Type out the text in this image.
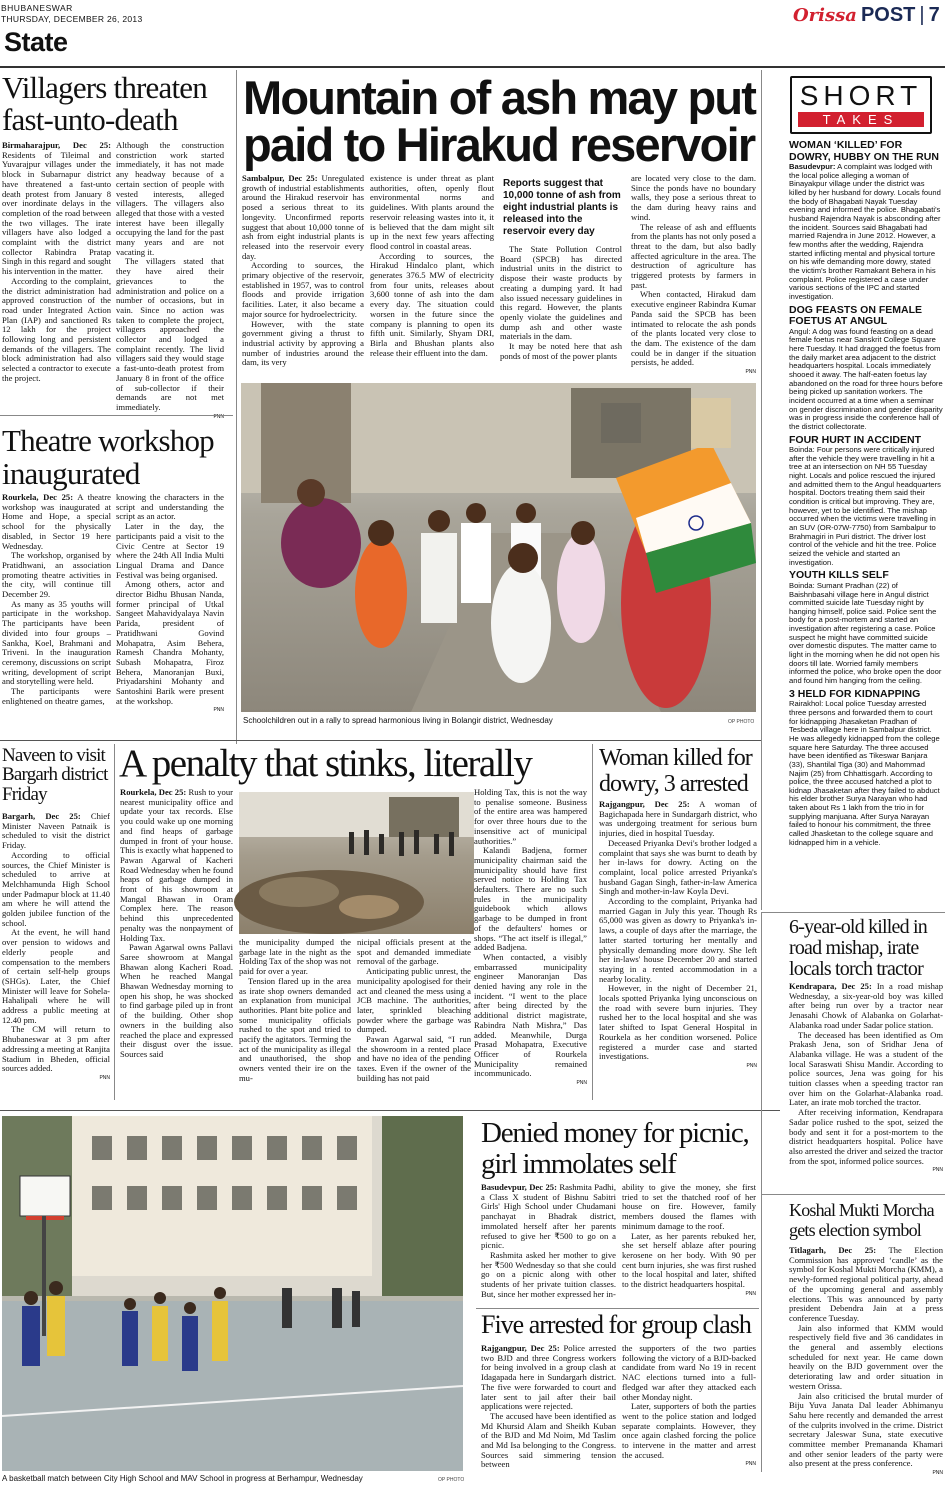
BHUBANESWAR
THURSDAY, DECEMBER 26, 2013
State
Orissa POST | 7
Villagers threaten fast-unto-death

Birmaharajpur, Dec 25: Residents of Tileimal and Yuvarajpur villages under the block in Subarnapur district have threatened a fast-unto death protest from January 8 over inordinate delays in the completion of the road between the two villages. The irate villagers have also lodged a complaint with the district collector Rabindra Pratap Singh in this regard and sought his intervention in the matter.

According to the complaint, the district administration had approved construction of the road under Integrated Action Plan (IAP) and sanctioned Rs 12 lakh for the project following long and persistent demands of the villagers. The block administration had also selected a contractor to execute the project.

Although the construction constriction work started immediately, it has not made any headway because of a certain section of people with vested interests, alleged villagers. The villagers also alleged that those with a vested interest have been illegally occupying the land for the past many years and are not vacating it.

The villagers stated that they have aired their grievances to the administration and police on a number of occasions, but in vain. Since no action was taken to complete the project, villagers approached the collector and lodged a complaint recently. The livid villagers said they would stage a fast-unto-death protest from January 8 in front of the office of sub-collector if their demands are not met immediately.

PNN
Mountain of ash may put
paid to Hirakud reservoir

Sambalpur, Dec 25: Unregulated growth of industrial establishments around the Hirakud reservoir has posed a serious threat to its longevity. Unconfirmed reports suggest that about 10,000 tonne of ash from eight industrial plants is released into the reservoir every day.

According to sources, the primary objective of the reservoir, established in 1957, was to control floods and provide irrigation facilities. Later, it also became a major source for hydroelectricity.

However, with the state government giving a thrust to industrial activity by approving a number of industries around the dam, its very

existence is under threat as plant authorities, often, openly flout environmental norms and guidelines. With plants around the reservoir releasing wastes into it, it is believed that the dam might silt up in the next few years affecting flood control in coastal areas.

According to sources, the Hirakud Hindalco plant, which generates 376.5 MW of electricity from four units, releases about 3,600 tonne of ash into the dam every day. The situation could worsen in the future since the company is planning to open its fifth unit. Similarly, Shyam DRI, Birla and Bhushan plants also release their effluent into the dam.

Reports suggest that 10,000 tonne of ash from eight industrial plants is released into the reservoir every day

The State Pollution Control Board (SPCB) has directed industrial units in the district to dispose their waste products by creating a dumping yard. It had also issued necessary guidelines in this regard. However, the plants openly violate the guidelines and dump ash and other waste materials in the dam.

It may be noted here that ash ponds of most of the power plants

are located very close to the dam. Since the ponds have no boundary walls, they pose a serious threat to the dam during heavy rains and wind.

The release of ash and effluents from the plants has not only posed a threat to the dam, but also badly affected agriculture in the area. The destruction of agriculture has triggered protests by farmers in past.

When contacted, Hirakud dam executive engineer Rabindra Kumar Panda said the SPCB has been intimated to relocate the ash ponds of the plants located very close to the dam. The existence of the dam could be in danger if the situation persists, he added.

PNN
Theatre workshop
inaugurated

Rourkela, Dec 25: A theatre workshop was inaugurated at Home and Hope, a special school for the physically disabled, in Sector 19 here Wednesday.

The workshop, organised by Pratidhwani, an association promoting theatre activities in the city, will continue till December 29.

As many as 35 youths will participate in the workshop. The participants have been divided into four groups – Sankha, Koel, Brahmani and Triveni. In the inauguration ceremony, discussions on script writing, development of script and storytelling were held.

The participants were enlightened on theatre games,

knowing the characters in the script and understanding the script as an actor.

Later in the day, the participants paid a visit to the Civic Centre at Sector 19 where the 24th All India Multi Lingual Drama and Dance Festival was being organised.

Among others, actor and director Bidhu Bhusan Nanda, former principal of Utkal Sangeet Mahavidyalaya Navin Parida, president of Pratidhwani Govind Mohapatra, Asim Behera, Ramesh Chandra Mohanty, Subash Mohapatra, Firoz Behera, Manoranjan Buxi, Priyadarshini Mohanty and Santoshini Barik were present at the workshop.

PNN
Schoolchildren out in a rally to spread harmonious living in Bolangir district, Wednesday	OP PHOTO
SHORT
TAKES
WOMAN ‘KILLED’ FOR DOWRY, HUBBY ON THE RUN

Basudevpur: A complaint was lodged with the local police alleging a woman of Binayakpur village under the district was killed by her husband for dowry. Locals found the body of Bhagabati Nayak Tuesday evening and informed the police. Bhagabati's husband Rajendra Nayak is absconding after the incident. Sources said Bhagabati had married Rajendra in June 2012. However, a few months after the wedding, Rajendra started inflicting mental and physical torture on his wife demanding more dowry, stated the victim's brother Ramakant Behera in his complaint. Police registered a case under various sections of the IPC and started investigation.

DOG FEASTS ON FEMALE FOETUS AT ANGUL

Angul: A dog was found feasting on a dead female foetus near Sanskrit College Square here Tuesday. It had dragged the foetus from the daily market area adjacent to the district headquarters hospital. Locals immediately shooed it away. The half-eaten foetus lay abandoned on the road for three hours before being picked up sanitation workers. The incident occurred at a time when a seminar on gender discrimination and gender disparity was in progress inside the conference hall of the district collectorate.

FOUR HURT IN ACCIDENT

Boinda: Four persons were critically injured after the vehicle they were travelling in hit a tree at an intersection on NH 55 Tuesday night. Locals and police rescued the injured and admitted them to the Angul headquarters hospital. Doctors treating them said their condition is critical but improving. They are, however, yet to be identified. The mishap occurred when the victims were travelling in an SUV (OR-07W-7750) from Sambalpur to Brahmagiri in Puri district. The driver lost control of the vehicle and hit the tree. Police seized the vehicle and started an investigation.

YOUTH KILLS SELF

Boinda: Sumant Pradhan (22) of Baishnbasahi village here in Angul district committed suicide late Tuesday night by hanging himself, police said. Police sent the body for a post-mortem and started an investigation after registering a case. Police suspect he might have committed suicide over domestic disputes. The matter came to light in the morning when he did not open his doors till late. Worried family members informed the police, who broke open the door and found him hanging from the ceiling.

3 HELD FOR KIDNAPPING

Rairakhol: Local police Tuesday arrested three persons and forwarded them to court for kidnapping Jhasaketan Pradhan of Tesbeda village here in Sambalpur district. He was allegedly kidnapped from the college square here Saturday. The three accused have been identified as Tikeswar Banjara (33), Shantilal Tiga (30) and Mahommad Najim (25) from Chhattisgarh. According to police, the three accused hatched a plot to kidnap Jhasaketan after they failed to abduct his elder brother Surya Narayan who had taken about Rs 1 lakh from the trio in for supplying manjuana. After Surya Narayan failed to honour his commitment, the three called Jhasketan to the college square and kidnapped him in a vehicle.

Naveen to visit Bargarh district Friday

Bargarh, Dec 25: Chief Minister Naveen Patnaik is scheduled to visit the district Friday.

According to official sources, the Chief Minister is scheduled to arrive at Melchhamunda High School under Padmapur block at 11.40 am where he will attend the golden jubilee function of the school.

At the event, he will hand over pension to widows and elderly people and compensation to the members of certain self-help groups (SHGs). Later, the Chief Minister will leave for Sohela-Hahalipali where he will address a public meeting at 12.40 pm.

The CM will return to Bhubaneswar at 3 pm after addressing a meeting at Ranjita Stadium in Bheden, official sources added.

PNN
A penalty that stinks, literally

Rourkela, Dec 25: Rush to your nearest municipality office and update your tax records. Else you could wake up one morning and find heaps of garbage dumped in front of your house. This is exactly what happened to Pawan Agarwal of Kacheri Road Wednesday when he found heaps of garbage dumped in front of his showroom at Mangal Bhawan in Oram Complex here. The reason behind this unprecedented penalty was the nonpayment of Holding Tax.

Pawan Agarwal owns Pallavi Saree showroom at Mangal Bhawan along Kacheri Road. When he reached Mangal Bhawan Wednesday morning to open his shop, he was shocked to find garbage piled up in front of the building. Other shop owners in the building also reached the place and expressed their disgust over the issue. Sources said

the municipality dumped the garbage late in the night as the Holding Tax of the shop was not paid for over a year.

Tension flared up in the area as irate shop owners demanded an explanation from municipal authorities. Plant bite police and some municipality officials rushed to the spot and tried to pacify the agitators. Terming the act of the municipality as illegal and unauthorised, the shop owners vented their ire on the mu-

nicipal officials present at the spot and demanded immediate removal of the garbage.

Anticipating public unrest, the municipality apologised for their act and cleaned the mess using a JCB machine. The authorities, later, sprinkled bleaching powder where the garbage was dumped.

Pawan Agarwal said, “I run the showroom in a rented place and have no idea of the pending taxes. Even if the owner of the building has not paid

Holding Tax, this is not the way to penalise someone. Business of the entire area was hampered for over three hours due to the insensitive act of municipal authorities.”

Kalandi Badjena, former municipality chairman said the municipality should have first served notice to Holding Tax defaulters. There are no such rules in the municipality guidebook which allows garbage to be dumped in front of the defaulters' homes or shops. “The act itself is illegal,” added Badjena.

When contacted, a visibly embarrassed municipality engineer Manoranjan Das denied having any role in the incident. “I went to the place after being directed by the additional district magistrate, Rabindra Nath Mishra,” Das added. Meanwhile, Durga Prasad Mohapatra, Executive Officer of Rourkela Municipality remained incommunicado.

PNN
Woman killed for
dowry, 3 arrested

Rajgangpur, Dec 25: A woman of Bagichapada here in Sundargarh district, who was undergoing treatment for serious burn injuries, died in hospital Tuesday.

Deceased Priyanka Devi's brother lodged a complaint that says she was burnt to death by her in-laws for dowry. Acting on the complaint, local police arrested Priyanka's husband Gagan Singh, father-in-law America Singh and mother-in-law Koyla Devi.

According to the complaint, Priyanka had married Gagan in July this year. Though Rs 65,000 was given as dowry to Priyanka's in-laws, a couple of days after the marriage, the latter started torturing her mentally and physically demanding more dowry. She left her in-laws' house December 20 and started staying in a rented accommodation in a nearby locality.

However, in the night of December 21, locals spotted Priyanka lying unconscious on the road with severe burn injuries. They rushed her to the local hospital and she was later shifted to Ispat General Hospital in Rourkela as her condition worsened. Police registered a murder case and started investigations.

PNN
6-year-old killed in road mishap, irate locals torch tractor

Kendrapara, Dec 25: In a road mishap Wednesday, a six-year-old boy was killed after being run over by a tractor near Jenasahi Chowk of Alabanka on Golarhat-Alabanka road under Sadar police station.

The deceased has been identified as Om Prakash Jena, son of Sridhar Jena of Alabanka village. He was a student of the local Saraswati Shisu Mandir. According to police sources, Jena was going for his tuition classes when a speeding tractor ran over him on the Golarhat-Alabanka road. Later, an irate mob torched the tractor.

After receiving information, Kendrapara Sadar police rushed to the spot, seized the body and sent it for a post-mortem to the district headquarters hospital. Police have also arrested the driver and seized the tractor from the spot, informed police sources.

PNN
A basketball match between City High School and MAV School in progress at Berhampur, Wednesday	OP PHOTO
Denied money for picnic,
girl immolates self

Basudevpur, Dec 25: Rashmita Padhi, a Class X student of Bishnu Sabitri Girls' High School under Chudamani panchayat in Bhadrak district, immolated herself after her parents refused to give her ₹500 to go on a picnic.

Rashmita asked her mother to give her ₹500 Wednesday so that she could go on a picnic along with other students of her private tuition classes. But, since her mother expressed her in-

ability to give the money, she first tried to set the thatched roof of her house on fire. However, family members doused the flames with minimum damage to the roof.

Later, as her parents rebuked her, she set herself ablaze after pouring kerosene on her body. With 90 per cent burn injuries, she was first rushed to the local hospital and later, shifted to the district headquarters hospital.

PNN
Five arrested for group clash

Rajgangpur, Dec 25: Police arrested two BJD and three Congress workers for being involved in a group clash at Idagapada here in Sundargarh district. The five were forwarded to court and later sent to jail after their bail applications were rejected.

The accused have been identified as Md Khursid Alam and Sheikh Kuban of the BJD and Md Noim, Md Taslim and Md Isa belonging to the Congress. Sources said simmering tension between

the supporters of the two parties following the victory of a BJD-backed candidate from ward No 19 in recent NAC elections turned into a full-fledged war after they attacked each other Monday night.

Later, supporters of both the parties went to the police station and lodged separate complaints. However, they once again clashed forcing the police to intervene in the matter and arrest the accused.

PNN
Koshal Mukti Morcha gets election symbol

Titlagarh, Dec 25: The Election Commission has approved ‘candle’ as the symbol for Koshal Mukti Morcha (KMM), a newly-formed regional political party, ahead of the upcoming general and assembly elections. This was announced by party president Debendra Jain at a press conference Tuesday.

Jain also informed that KMM would respectively field five and 36 candidates in the general and assembly elections scheduled for next year. He came down heavily on the BJD government over the deteriorating law and order situation in western Orissa.

Jain also criticised the brutal murder of Biju Yuva Janata Dal leader Abhimanyu Sahu here recently and demanded the arrest of the culprits involved in the crime. District secretary Jaleswar Suna, state executive committee member Premananda Khamari and other senior leaders of the party were also present at the press conference.

PNN
